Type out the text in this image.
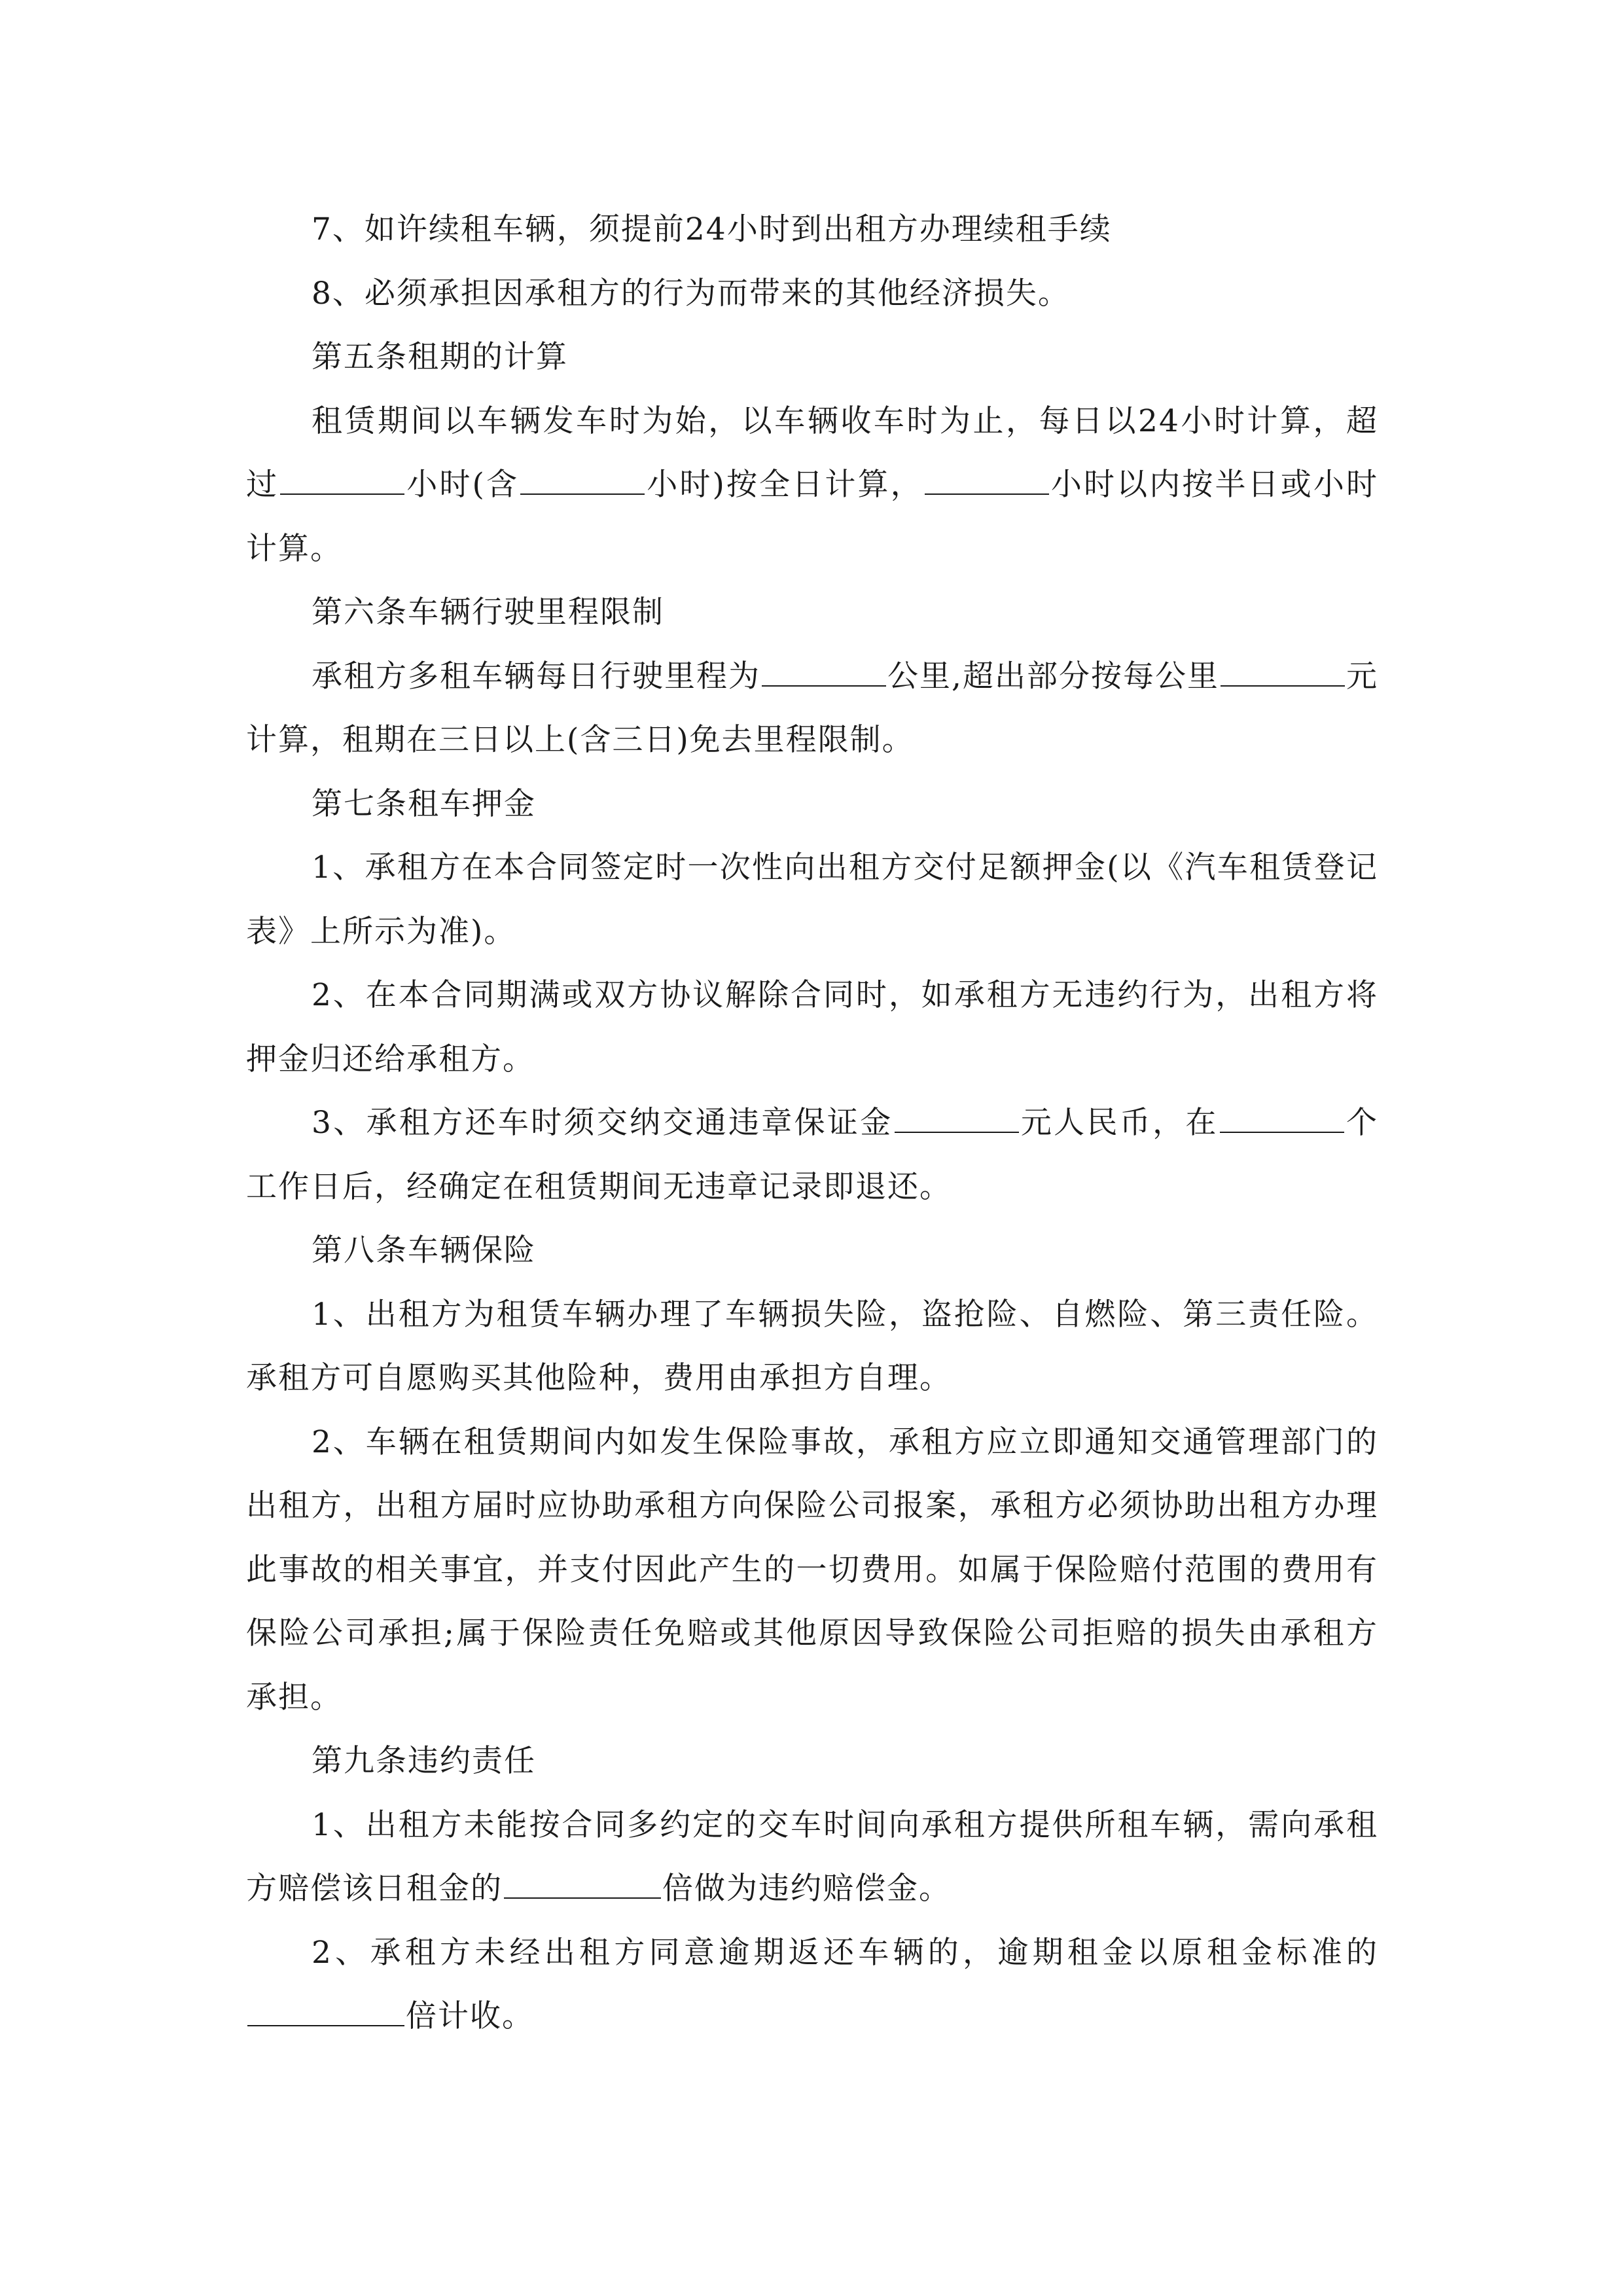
7、如许续租车辆，须提前24小时到出租方办理续租手续

8、必须承担因承租方的行为而带来的其他经济损失。

第五条租期的计算

租赁期间以车辆发车时为始，以车辆收车时为止，每日以24小时计算，超过	小时(含	小时)按全日计算，	小时以内按半日或小时计算。

第六条车辆行驶里程限制

承租方多租车辆每日行驶里程为	公里,超出部分按每公里	元计算，租期在三日以上(含三日)免去里程限制。

第七条租车押金

1、承租方在本合同签定时一次性向出租方交付足额押金(以《汽车租赁登记表》上所示为准)。

2、在本合同期满或双方协议解除合同时，如承租方无违约行为，出租方将押金归还给承租方。

3、承租方还车时须交纳交通违章保证金	元人民币，在	个工作日后，经确定在租赁期间无违章记录即退还。

第八条车辆保险

1、出租方为租赁车辆办理了车辆损失险，盗抢险、自燃险、第三责任险。承租方可自愿购买其他险种，费用由承担方自理。

2、车辆在租赁期间内如发生保险事故，承租方应立即通知交通管理部门的出租方，出租方届时应协助承租方向保险公司报案，承租方必须协助出租方办理此事故的相关事宜，并支付因此产生的一切费用。如属于保险赔付范围的费用有保险公司承担;属于保险责任免赔或其他原因导致保险公司拒赔的损失由承租方承担。

第九条违约责任

1、出租方未能按合同多约定的交车时间向承租方提供所租车辆，需向承租方赔偿该日租金的	倍做为违约赔偿金。

2、承租方未经出租方同意逾期返还车辆的，逾期租金以原租金标准的倍计收。
